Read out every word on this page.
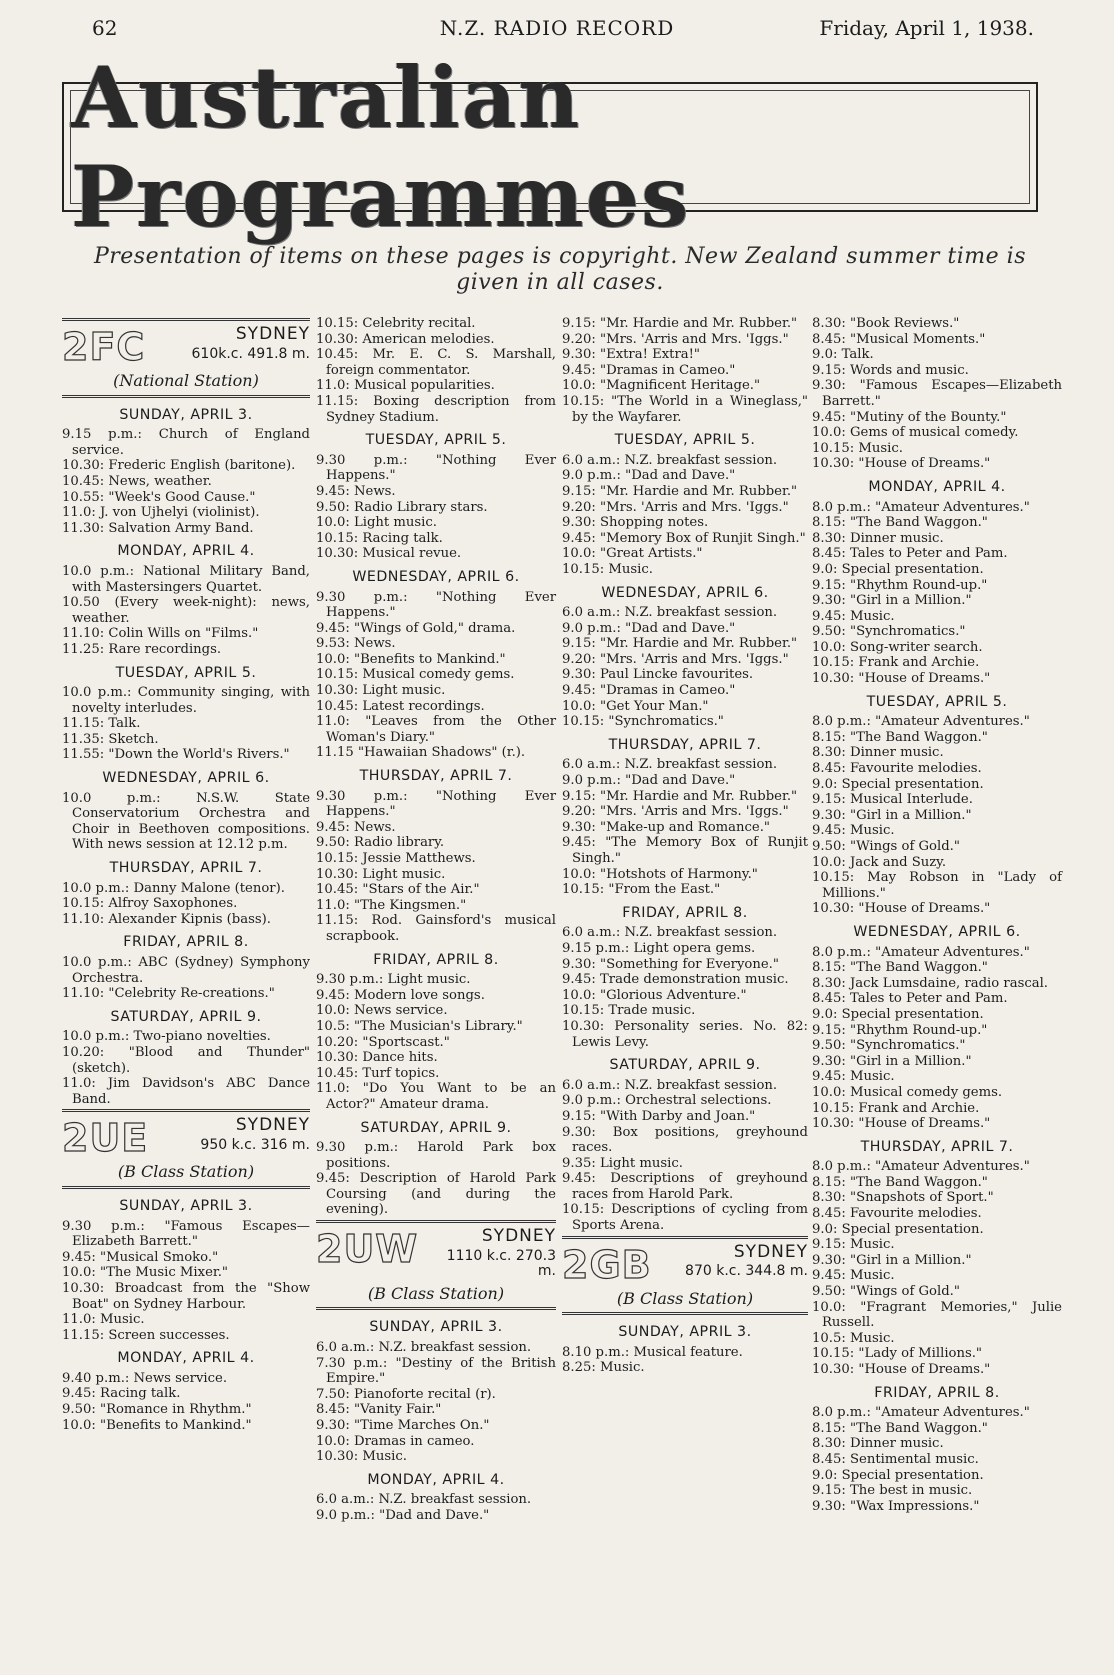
N.Z. RADIO RECORD
62	Friday, April 1, 1938.
Australian Programmes
Presentation of items on these pages is copyright. New Zealand summer time is given in all cases.
2FC	SYDNEY
610k.c. 491.8 m.
(National Station)
SUNDAY, APRIL 3.
9.15 p.m.: Church of England service.
10.30: Frederic English (baritone).
10.45: News, weather.
10.55: "Week's Good Cause."
11.0: J. von Ujhelyi (violinist).
11.30: Salvation Army Band.
MONDAY, APRIL 4.
10.0 p.m.: National Military Band, with Mastersingers Quartet.
10.50 (Every week-night): news, weather.
11.10: Colin Wills on "Films."
11.25: Rare recordings.
TUESDAY, APRIL 5.
10.0 p.m.: Community singing, with novelty interludes.
11.15: Talk.
11.35: Sketch.
11.55: "Down the World's Rivers."
WEDNESDAY, APRIL 6.
10.0 p.m.: N.S.W. State Conservatorium Orchestra and Choir in Beethoven compositions. With news session at 12.12 p.m.
THURSDAY, APRIL 7.
10.0 p.m.: Danny Malone (tenor).
10.15: Alfroy Saxophones.
11.10: Alexander Kipnis (bass).
FRIDAY, APRIL 8.
10.0 p.m.: ABC (Sydney) Symphony Orchestra.
11.10: "Celebrity Re-creations."
SATURDAY, APRIL 9.
10.0 p.m.: Two-piano novelties.
10.20: "Blood and Thunder" (sketch).
11.0: Jim Davidson's ABC Dance Band.
2UE	SYDNEY
950 k.c. 316 m.
(B Class Station)
SUNDAY, APRIL 3.
9.30 p.m.: "Famous Escapes—Elizabeth Barrett."
9.45: "Musical Smoko."
10.0: "The Music Mixer."
10.30: Broadcast from the "Show Boat" on Sydney Harbour.
11.0: Music.
11.15: Screen successes.
MONDAY, APRIL 4.
9.40 p.m.: News service.
9.45: Racing talk.
9.50: "Romance in Rhythm."
10.0: "Benefits to Mankind."
10.15: Celebrity recital.
10.30: American melodies.
10.45: Mr. E. C. S. Marshall, foreign commentator.
11.0: Musical popularities.
11.15: Boxing description from Sydney Stadium.
TUESDAY, APRIL 5.
9.30 p.m.: "Nothing Ever Happens."
9.45: News.
9.50: Radio Library stars.
10.0: Light music.
10.15: Racing talk.
10.30: Musical revue.
WEDNESDAY, APRIL 6.
9.30 p.m.: "Nothing Ever Happens."
9.45: "Wings of Gold," drama.
9.53: News.
10.0: "Benefits to Mankind."
10.15: Musical comedy gems.
10.30: Light music.
10.45: Latest recordings.
11.0: "Leaves from the Other Woman's Diary."
11.15 "Hawaiian Shadows" (r.).
THURSDAY, APRIL 7.
9.30 p.m.: "Nothing Ever Happens."
9.45: News.
9.50: Radio library.
10.15: Jessie Matthews.
10.30: Light music.
10.45: "Stars of the Air."
11.0: "The Kingsmen."
11.15: Rod. Gainsford's musical scrapbook.
FRIDAY, APRIL 8.
9.30 p.m.: Light music.
9.45: Modern love songs.
10.0: News service.
10.5: "The Musician's Library."
10.20: "Sportscast."
10.30: Dance hits.
10.45: Turf topics.
11.0: "Do You Want to be an Actor?" Amateur drama.
SATURDAY, APRIL 9.
9.30 p.m.: Harold Park box positions.
9.45: Description of Harold Park Coursing (and during the evening).
2UW	SYDNEY
1110 k.c. 270.3 m.
(B Class Station)
SUNDAY, APRIL 3.
6.0 a.m.: N.Z. breakfast session.
7.30 p.m.: "Destiny of the British Empire."
7.50: Pianoforte recital (r).
8.45: "Vanity Fair."
9.30: "Time Marches On."
10.0: Dramas in cameo.
10.30: Music.
MONDAY, APRIL 4.
6.0 a.m.: N.Z. breakfast session.
9.0 p.m.: "Dad and Dave."
9.15: "Mr. Hardie and Mr. Rubber."
9.20: "Mrs. 'Arris and Mrs. 'Iggs."
9.30: "Extra! Extra!"
9.45: "Dramas in Cameo."
10.0: "Magnificent Heritage."
10.15: "The World in a Wineglass," by the Wayfarer.
TUESDAY, APRIL 5.
6.0 a.m.: N.Z. breakfast session.
9.0 p.m.: "Dad and Dave."
9.15: "Mr. Hardie and Mr. Rubber."
9.20: "Mrs. 'Arris and Mrs. 'Iggs."
9.30: Shopping notes.
9.45: "Memory Box of Runjit Singh."
10.0: "Great Artists."
10.15: Music.
WEDNESDAY, APRIL 6.
6.0 a.m.: N.Z. breakfast session.
9.0 p.m.: "Dad and Dave."
9.15: "Mr. Hardie and Mr. Rubber."
9.20: "Mrs. 'Arris and Mrs. 'Iggs."
9.30: Paul Lincke favourites.
9.45: "Dramas in Cameo."
10.0: "Get Your Man."
10.15: "Synchromatics."
THURSDAY, APRIL 7.
6.0 a.m.: N.Z. breakfast session.
9.0 p.m.: "Dad and Dave."
9.15: "Mr. Hardie and Mr. Rubber."
9.20: "Mrs. 'Arris and Mrs. 'Iggs."
9.30: "Make-up and Romance."
9.45: "The Memory Box of Runjit Singh."
10.0: "Hotshots of Harmony."
10.15: "From the East."
FRIDAY, APRIL 8.
6.0 a.m.: N.Z. breakfast session.
9.15 p.m.: Light opera gems.
9.30: "Something for Everyone."
9.45: Trade demonstration music.
10.0: "Glorious Adventure."
10.15: Trade music.
10.30: Personality series. No. 82: Lewis Levy.
SATURDAY, APRIL 9.
6.0 a.m.: N.Z. breakfast session.
9.0 p.m.: Orchestral selections.
9.15: "With Darby and Joan."
9.30: Box positions, greyhound races.
9.35: Light music.
9.45: Descriptions of greyhound races from Harold Park.
10.15: Descriptions of cycling from Sports Arena.
2GB	SYDNEY
870 k.c. 344.8 m.
(B Class Station)
SUNDAY, APRIL 3.
8.10 p.m.: Musical feature.
8.25: Music.
8.30: "Book Reviews."
8.45: "Musical Moments."
9.0: Talk.
9.15: Words and music.
9.30: "Famous Escapes—Elizabeth Barrett."
9.45: "Mutiny of the Bounty."
10.0: Gems of musical comedy.
10.15: Music.
10.30: "House of Dreams."
MONDAY, APRIL 4.
8.0 p.m.: "Amateur Adventures."
8.15: "The Band Waggon."
8.30: Dinner music.
8.45: Tales to Peter and Pam.
9.0: Special presentation.
9.15: "Rhythm Round-up."
9.30: "Girl in a Million."
9.45: Music.
9.50: "Synchromatics."
10.0: Song-writer search.
10.15: Frank and Archie.
10.30: "House of Dreams."
TUESDAY, APRIL 5.
8.0 p.m.: "Amateur Adventures."
8.15: "The Band Waggon."
8.30: Dinner music.
8.45: Favourite melodies.
9.0: Special presentation.
9.15: Musical Interlude.
9.30: "Girl in a Million."
9.45: Music.
9.50: "Wings of Gold."
10.0: Jack and Suzy.
10.15: May Robson in "Lady of Millions."
10.30: "House of Dreams."
WEDNESDAY, APRIL 6.
8.0 p.m.: "Amateur Adventures."
8.15: "The Band Waggon."
8.30: Jack Lumsdaine, radio rascal.
8.45: Tales to Peter and Pam.
9.0: Special presentation.
9.15: "Rhythm Round-up."
9.50: "Synchromatics."
9.30: "Girl in a Million."
9.45: Music.
10.0: Musical comedy gems.
10.15: Frank and Archie.
10.30: "House of Dreams."
THURSDAY, APRIL 7.
8.0 p.m.: "Amateur Adventures."
8.15: "The Band Waggon."
8.30: "Snapshots of Sport."
8.45: Favourite melodies.
9.0: Special presentation.
9.15: Music.
9.30: "Girl in a Million."
9.45: Music.
9.50: "Wings of Gold."
10.0: "Fragrant Memories," Julie Russell.
10.5: Music.
10.15: "Lady of Millions."
10.30: "House of Dreams."
FRIDAY, APRIL 8.
8.0 p.m.: "Amateur Adventures."
8.15: "The Band Waggon."
8.30: Dinner music.
8.45: Sentimental music.
9.0: Special presentation.
9.15: The best in music.
9.30: "Wax Impressions."
